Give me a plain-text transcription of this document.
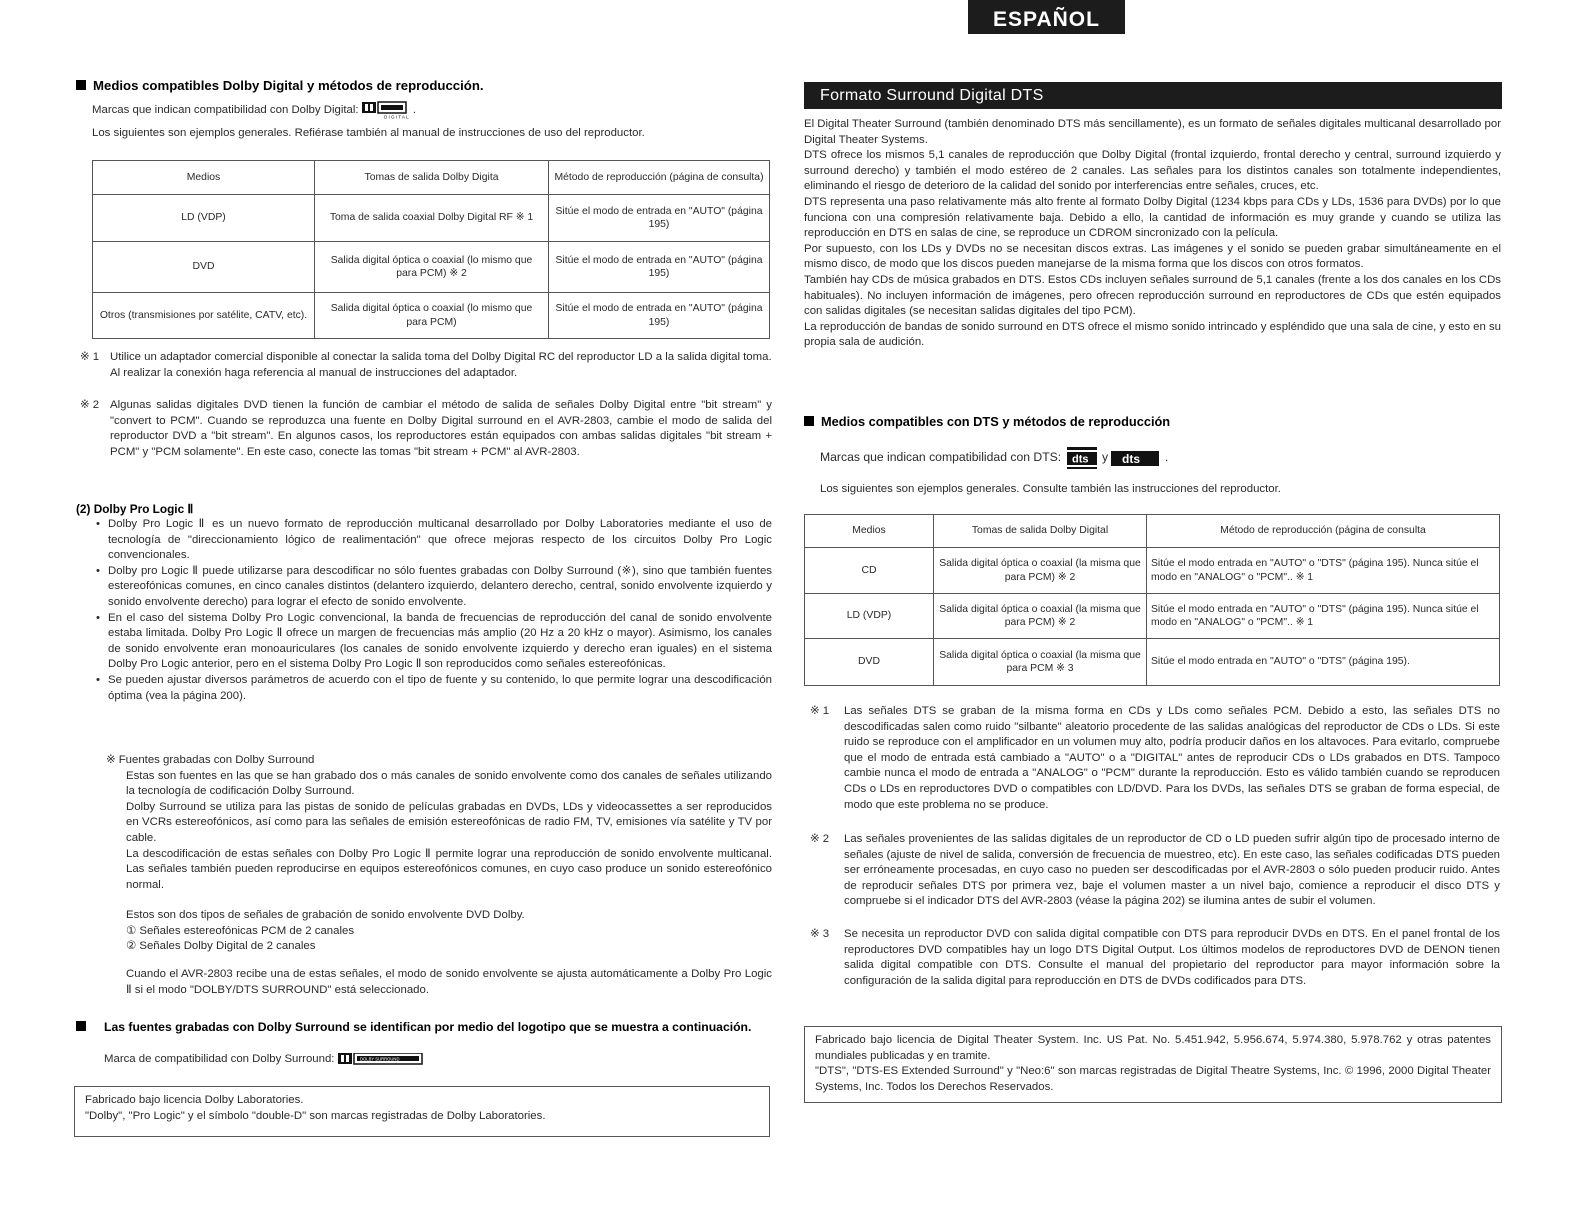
ESPAÑOL
Medios compatibles Dolby Digital y métodos de reproducción.
Marcas que indican compatibilidad con Dolby Digital:
DIGITAL
.
Los siguientes son ejemplos generales. Refiérase también al manual de instrucciones de uso del reproductor.
Medios	Tomas de salida Dolby Digita	Método de reproducción (página de consulta)
LD (VDP)	Toma de salida coaxial Dolby Digital RF ※ 1	Sitúe el modo de entrada en "AUTO" (página 195)
DVD	Salida digital óptica o coaxial (lo mismo que para PCM) ※ 2	Sitúe el modo de entrada en "AUTO" (página 195)
Otros (transmisiones por satélite, CATV, etc).	Salida digital óptica o coaxial (lo mismo que para PCM)	Sitúe el modo de entrada en "AUTO" (página 195)
※ 1 Utilice un adaptador comercial disponible al conectar la salida toma del Dolby Digital RC del reproductor LD a la salida digital toma.
Al realizar la conexión haga referencia al manual de instrucciones del adaptador.
※ 2 Algunas salidas digitales DVD tienen la función de cambiar el método de salida de señales Dolby Digital entre "bit stream" y "convert to PCM". Cuando se reproduzca una fuente en Dolby Digital surround en el AVR-2803, cambie el modo de salida del reproductor DVD a "bit stream". En algunos casos, los reproductores están equipados con ambas salidas digitales "bit stream + PCM" y "PCM solamente". En este caso, conecte las tomas "bit stream + PCM" al AVR-2803.
(2) Dolby Pro Logic Ⅱ

• Dolby Pro Logic Ⅱ es un nuevo formato de reproducción multicanal desarrollado por Dolby Laboratories mediante el uso de tecnología de "direccionamiento lógico de realimentación" que ofrece mejoras respecto de los circuitos Dolby Pro Logic convencionales.

• Dolby pro Logic Ⅱ puede utilizarse para descodificar no sólo fuentes grabadas con Dolby Surround (※), sino que también fuentes estereofónicas comunes, en cinco canales distintos (delantero izquierdo, delantero derecho, central, sonido envolvente izquierdo y sonido envolvente derecho) para lograr el efecto de sonido envolvente.

• En el caso del sistema Dolby Pro Logic convencional, la banda de frecuencias de reproducción del canal de sonido envolvente estaba limitada. Dolby Pro Logic Ⅱ ofrece un margen de frecuencias más amplio (20 Hz a 20 kHz o mayor). Asimismo, los canales de sonido envolvente eran monoauriculares (los canales de sonido envolvente izquierdo y derecho eran iguales) en el sistema Dolby Pro Logic anterior, pero en el sistema Dolby Pro Logic Ⅱ son reproducidos como señales estereofónicas.

• Se pueden ajustar diversos parámetros de acuerdo con el tipo de fuente y su contenido, lo que permite lograr una descodificación óptima (vea la página 200).

※ Fuentes grabadas con Dolby Surround

Estas son fuentes en las que se han grabado dos o más canales de sonido envolvente como dos canales de señales utilizando la tecnología de codificación Dolby Surround.

Dolby Surround se utiliza para las pistas de sonido de películas grabadas en DVDs, LDs y videocassettes a ser reproducidos en VCRs estereofónicos, así como para las señales de emisión estereofónicas de radio FM, TV, emisiones vía satélite y TV por cable.

La descodificación de estas señales con Dolby Pro Logic Ⅱ permite lograr una reproducción de sonido envolvente multicanal. Las señales también pueden reproducirse en equipos estereofónicos comunes, en cuyo caso produce un sonido estereofónico normal.

Estos son dos tipos de señales de grabación de sonido envolvente DVD Dolby.

① Señales estereofónicas PCM de 2 canales

② Señales Dolby Digital de 2 canales

Cuando el AVR-2803 recibe una de estas señales, el modo de sonido envolvente se ajusta automáticamente a Dolby Pro Logic Ⅱ si el modo "DOLBY/DTS SURROUND" está seleccionado.
Las fuentes grabadas con Dolby Surround se identifican por medio del logotipo que se muestra a continuación.
Marca de compatibilidad con Dolby Surround:	DOLBY SURROUND
Fabricado bajo licencia Dolby Laboratories.
"Dolby", "Pro Logic" y el símbolo "double-D" son marcas registradas de Dolby Laboratories.
Formato Surround Digital DTS

El Digital Theater Surround (también denominado DTS más sencillamente), es un formato de señales digitales multicanal desarrollado por Digital Theater Systems.

DTS ofrece los mismos 5,1 canales de reproducción que Dolby Digital (frontal izquierdo, frontal derecho y central, surround izquierdo y surround derecho) y también el modo estéreo de 2 canales. Las señales para los distintos canales son totalmente independientes, eliminando el riesgo de deterioro de la calidad del sonido por interferencias entre señales, cruces, etc.

DTS representa una paso relativamente más alto frente al formato Dolby Digital (1234 kbps para CDs y LDs, 1536 para DVDs) por lo que funciona con una compresión relativamente baja. Debido a ello, la cantidad de información es muy grande y cuando se utiliza las reproducción en DTS en salas de cine, se reproduce un CDROM sincronizado con la película.

Por supuesto, con los LDs y DVDs no se necesitan discos extras. Las imágenes y el sonido se pueden grabar simultáneamente en el mismo disco, de modo que los discos pueden manejarse de la misma forma que los discos con otros formatos.

También hay CDs de música grabados en DTS. Estos CDs incluyen señales surround de 5,1 canales (frente a los dos canales en los CDs habituales). No incluyen información de imágenes, pero ofrecen reproducción surround en reproductores de CDs que estén equipados con salidas digitales (se necesitan salidas digitales del tipo PCM).

La reproducción de bandas de sonido surround en DTS ofrece el mismo sonido intrincado y espléndido que una sala de cine, y esto en su propia sala de audición.

Medios compatibles con DTS y métodos de reproducción
Marcas que indican compatibilidad con DTS: dts y dts .
Los siguientes son ejemplos generales. Consulte también las instrucciones del reproductor.
Medios	Tomas de salida Dolby Digital	Método de reproducción (página de consulta
CD	Salida digital óptica o coaxial (la misma que para PCM) ※ 2	Sitúe el modo entrada en "AUTO" o "DTS" (página 195). Nunca sitúe el modo en "ANALOG" o "PCM".. ※ 1
LD (VDP)	Salida digital óptica o coaxial (la misma que para PCM) ※ 2	Sitúe el modo entrada en "AUTO" o "DTS" (página 195). Nunca sitúe el modo en "ANALOG" o "PCM".. ※ 1
DVD	Salida digital óptica o coaxial (la misma que para PCM ※ 3	Sitúe el modo entrada en "AUTO" o "DTS" (página 195).
※ 1 Las señales DTS se graban de la misma forma en CDs y LDs como señales PCM. Debido a esto, las señales DTS no descodificadas salen como ruido "silbante" aleatorio procedente de las salidas analógicas del reproductor de CDs o LDs. Si este ruido se reproduce con el amplificador en un volumen muy alto, podría producir daños en los altavoces. Para evitarlo, compruebe que el modo de entrada está cambiado a "AUTO" o a "DIGITAL" antes de reproducir CDs o LDs grabados en DTS. Tampoco cambie nunca el modo de entrada a "ANALOG" o "PCM" durante la reproducción. Esto es válido también cuando se reproducen CDs o LDs en reproductores DVD o compatibles con LD/DVD. Para los DVDs, las señales DTS se graban de forma especial, de modo que este problema no se produce.
※ 2 Las señales provenientes de las salidas digitales de un reproductor de CD o LD pueden sufrir algún tipo de procesado interno de señales (ajuste de nivel de salida, conversión de frecuencia de muestreo, etc). En este caso, las señales codificadas DTS pueden ser erróneamente procesadas, en cuyo caso no pueden ser descodificadas por el AVR-2803 o sólo pueden producir ruido. Antes de reproducir señales DTS por primera vez, baje el volumen master a un nivel bajo, comience a reproducir el disco DTS y compruebe si el indicador DTS del AVR-2803 (véase la página 202) se ilumina antes de subir el volumen.
※ 3 Se necesita un reproductor DVD con salida digital compatible con DTS para reproducir DVDs en DTS. En el panel frontal de los reproductores DVD compatibles hay un logo DTS Digital Output. Los últimos modelos de reproductores DVD de DENON tienen salida digital compatible con DTS. Consulte el manual del propietario del reproductor para mayor información sobre la configuración de la salida digital para reproducción en DTS de DVDs codificados para DTS.
Fabricado bajo licencia de Digital Theater System. Inc. US Pat. No. 5.451.942, 5.956.674, 5.974.380, 5.978.762 y otras patentes mundiales publicadas y en tramite.
"DTS", "DTS-ES Extended Surround" y "Neo:6" son marcas registradas de Digital Theatre Systems, Inc. © 1996, 2000 Digital Theater Systems, Inc. Todos los Derechos Reservados.
